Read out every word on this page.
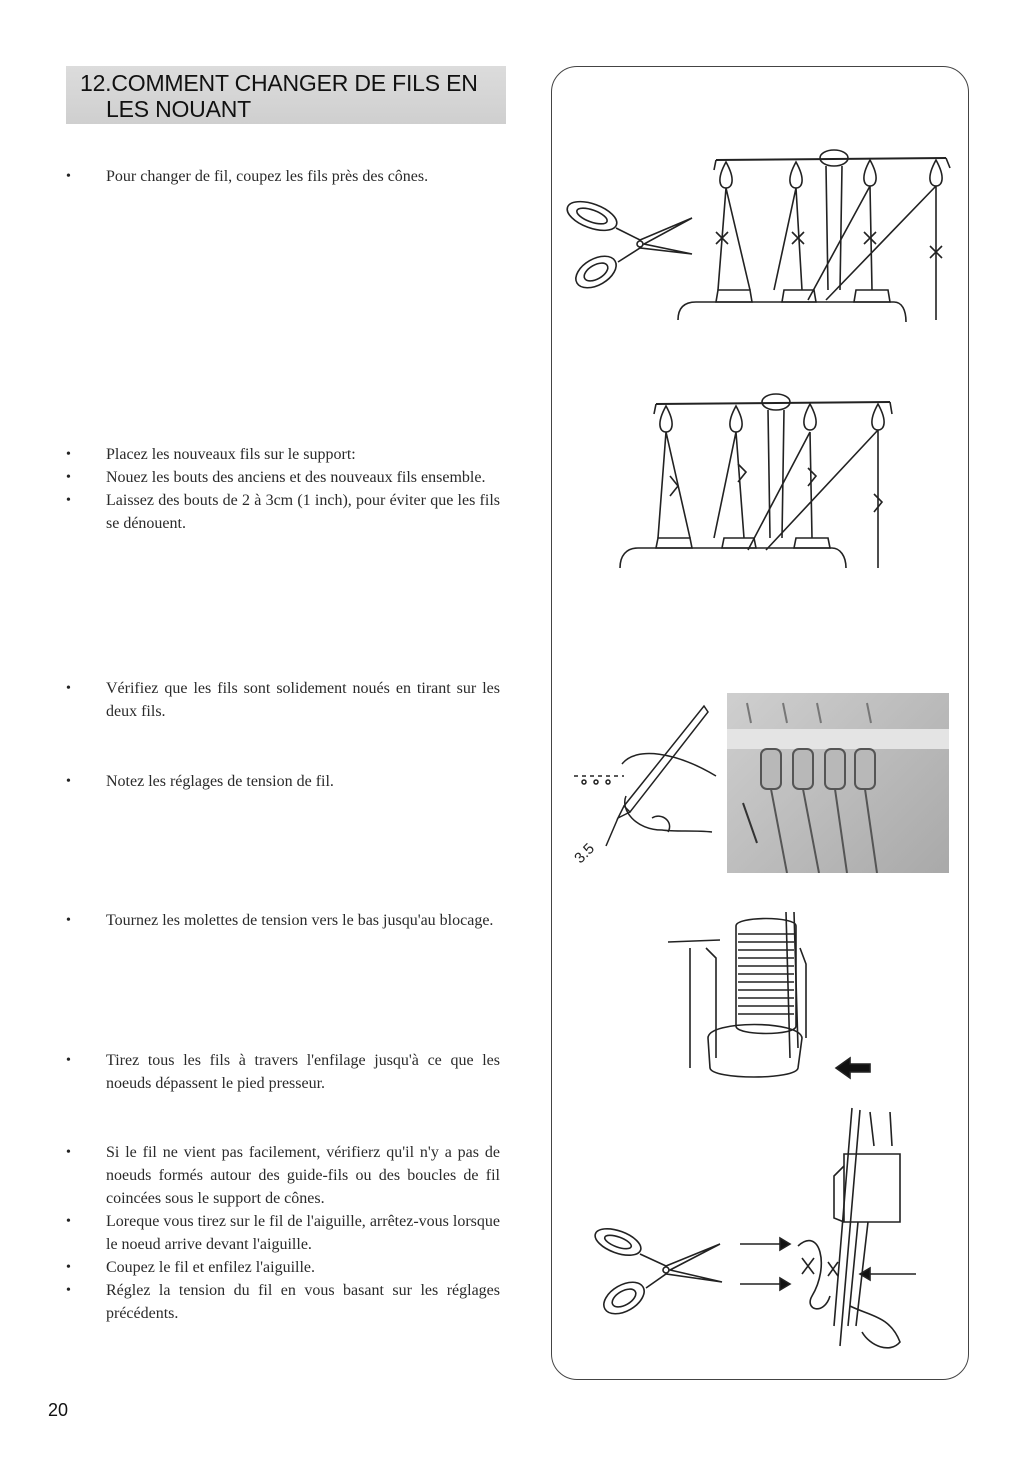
12.COMMENT CHANGER DE FILS EN
LES NOUANT
• Pour changer de fil, coupez les fils près des cônes.
• Placez les nouveaux fils sur le support:
• Nouez les bouts des anciens et des nouveaux fils ensemble.
• Laissez des bouts de 2 à 3cm (1 inch), pour éviter que les fils se dénouent.
• Vérifiez que les fils sont solidement noués en tirant sur les deux fils.
• Notez les réglages de tension de fil.
• Tournez les molettes de tension vers le bas jusqu'au blocage.
• Tirez tous les fils à travers l'enfilage jusqu'à ce que les noeuds dépassent le pied presseur.
• Si le fil ne vient pas facilement, vérifierz qu'il n'y a pas de noeuds formés autour des guide-fils ou des boucles de fil coincées sous le support de cônes.
• Loreque vous tirez sur le fil de l'aiguille, arrêtez-vous lorsque le noeud arrive devant l'aiguille.
• Coupez le fil et enfilez l'aiguille.
• Réglez la tension du fil en vous basant sur les réglages précédents.
3.5
20
